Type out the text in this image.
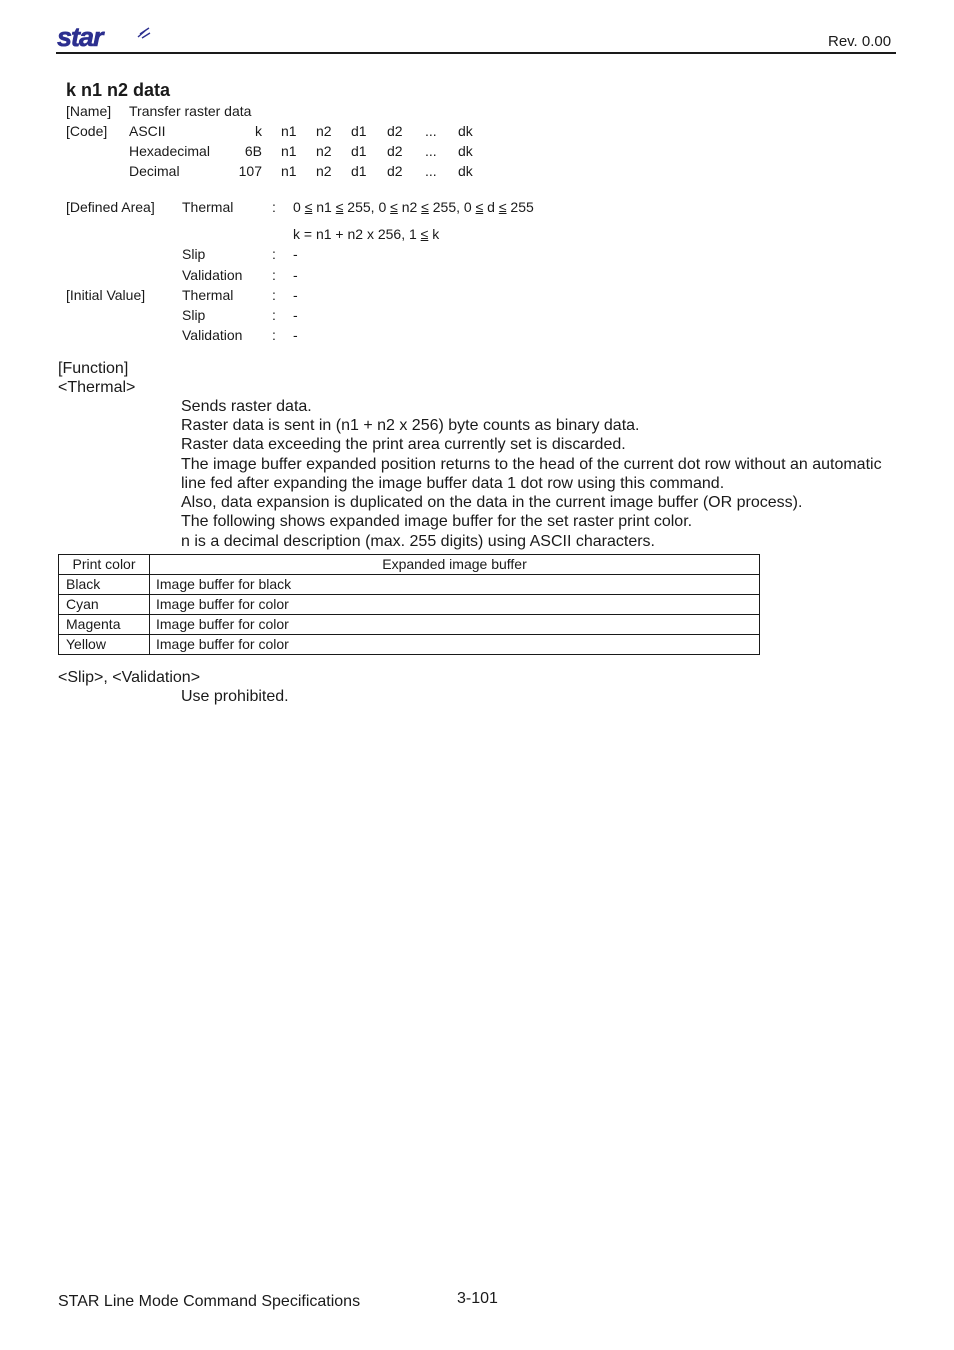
star	Rev. 0.00
k n1 n2 data
[Name] Transfer raster data
[Code] ASCII	k n1 n2 d1 d2 ... dk
Hexadecimal	6B n1 n2 d1 d2 ... dk
Decimal	107 n1 n2 d1 d2 ... dk
[Defined Area] Thermal	: 0 ≤ n1 ≤ 255, 0 ≤ n2 ≤ 255, 0 ≤ d ≤ 255
k = n1 + n2 x 256, 1 ≤ k
Slip	: -
Validation : -
[Initial Value]	Thermal	: -
Slip	: -
Validation : -
[Function]
<Thermal>
Sends raster data.
Raster data is sent in (n1 + n2 x 256) byte counts as binary data.
Raster data exceeding the print area currently set is discarded.
The image buffer expanded position returns to the head of the current dot row without an automatic
line fed after expanding the image buffer data 1 dot row using this command.
Also, data expansion is duplicated on the data in the current image buffer (OR process).
The following shows expanded image buffer for the set raster print color.
n is a decimal description (max. 255 digits) using ASCII characters.
Print color	Expanded image buffer
Black	Image buffer for black
Cyan	Image buffer for color
Magenta	Image buffer for color
Yellow	Image buffer for color
<Slip>, <Validation>
Use prohibited.
STAR Line Mode Command Specifications	3-101
